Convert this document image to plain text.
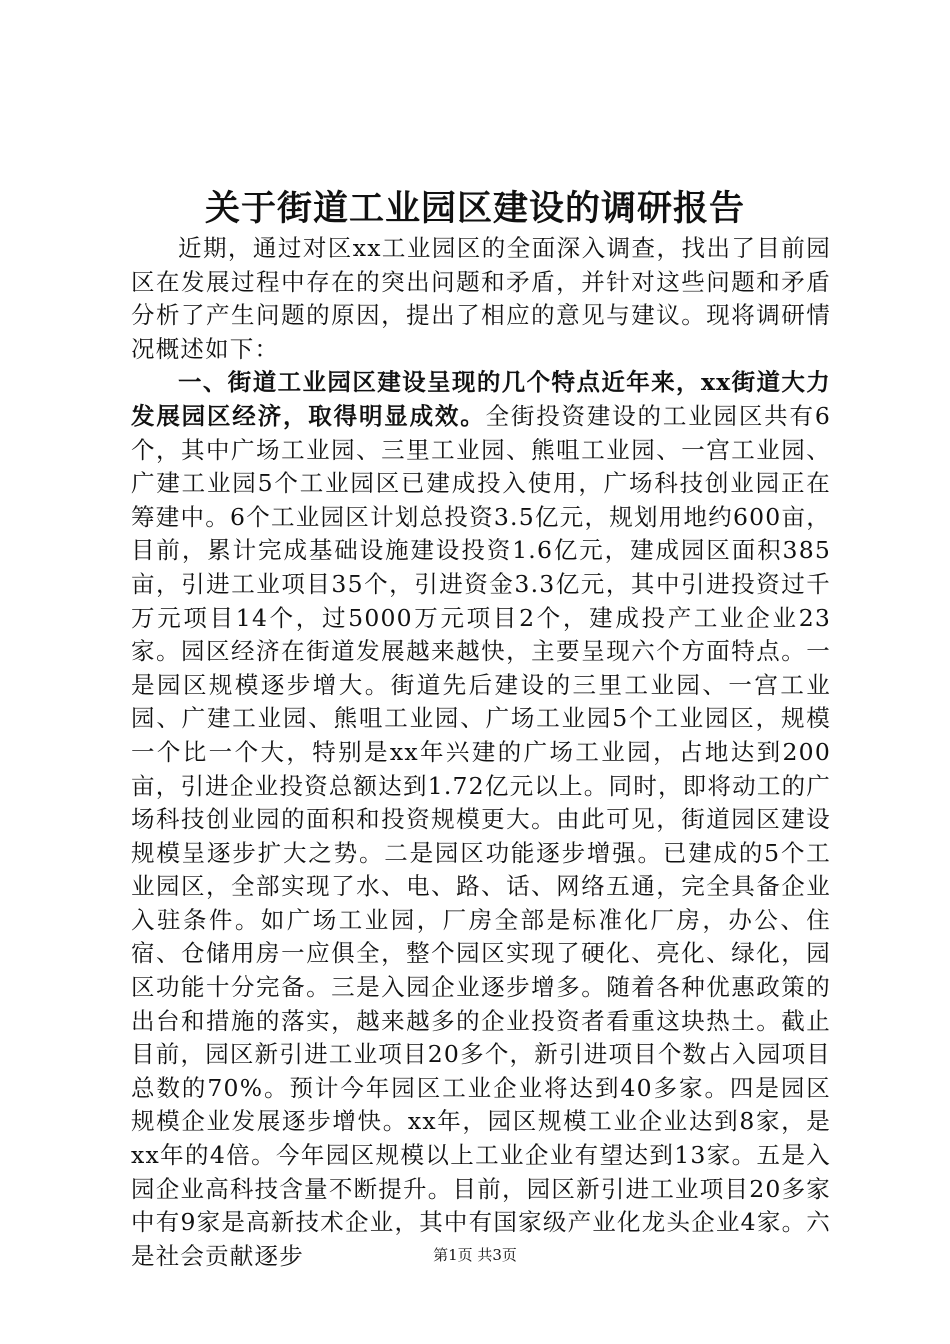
关于街道工业园区建设的调研报告

近期，通过对区xx工业园区的全面深入调查，找出了目前园区在发展过程中存在的突出问题和矛盾，并针对这些问题和矛盾分析了产生问题的原因，提出了相应的意见与建议。现将调研情况概述如下：

一、街道工业园区建设呈现的几个特点近年来，xx街道大力发展园区经济，取得明显成效。全街投资建设的工业园区共有6个，其中广场工业园、三里工业园、熊咀工业园、一宫工业园、广建工业园5个工业园区已建成投入使用，广场科技创业园正在筹建中。6个工业园区计划总投资3.5亿元，规划用地约600亩，目前，累计完成基础设施建设投资1.6亿元，建成园区面积385亩，引进工业项目35个，引进资金3.3亿元，其中引进投资过千万元项目14个，过5000万元项目2个，建成投产工业企业23家。园区经济在街道发展越来越快，主要呈现六个方面特点。一是园区规模逐步增大。街道先后建设的三里工业园、一宫工业园、广建工业园、熊咀工业园、广场工业园5个工业园区，规模一个比一个大，特别是xx年兴建的广场工业园，占地达到200亩，引进企业投资总额达到1.72亿元以上。同时，即将动工的广场科技创业园的面积和投资规模更大。由此可见，街道园区建设规模呈逐步扩大之势。二是园区功能逐步增强。已建成的5个工业园区，全部实现了水、电、路、话、网络五通，完全具备企业入驻条件。如广场工业园，厂房全部是标准化厂房，办公、住宿、仓储用房一应俱全，整个园区实现了硬化、亮化、绿化，园区功能十分完备。三是入园企业逐步增多。随着各种优惠政策的出台和措施的落实，越来越多的企业投资者看重这块热土。截止目前，园区新引进工业项目20多个，新引进项目个数占入园项目总数的70%。预计今年园区工业企业将达到40多家。四是园区规模企业发展逐步增快。xx年，园区规模工业企业达到8家，是xx年的4倍。今年园区规模以上工业企业有望达到13家。五是入园企业高科技含量不断提升。目前，园区新引进工业项目20多家中有9家是高新技术企业，其中有国家级产业化龙头企业4家。六是社会贡献逐步	第1页 共3页
